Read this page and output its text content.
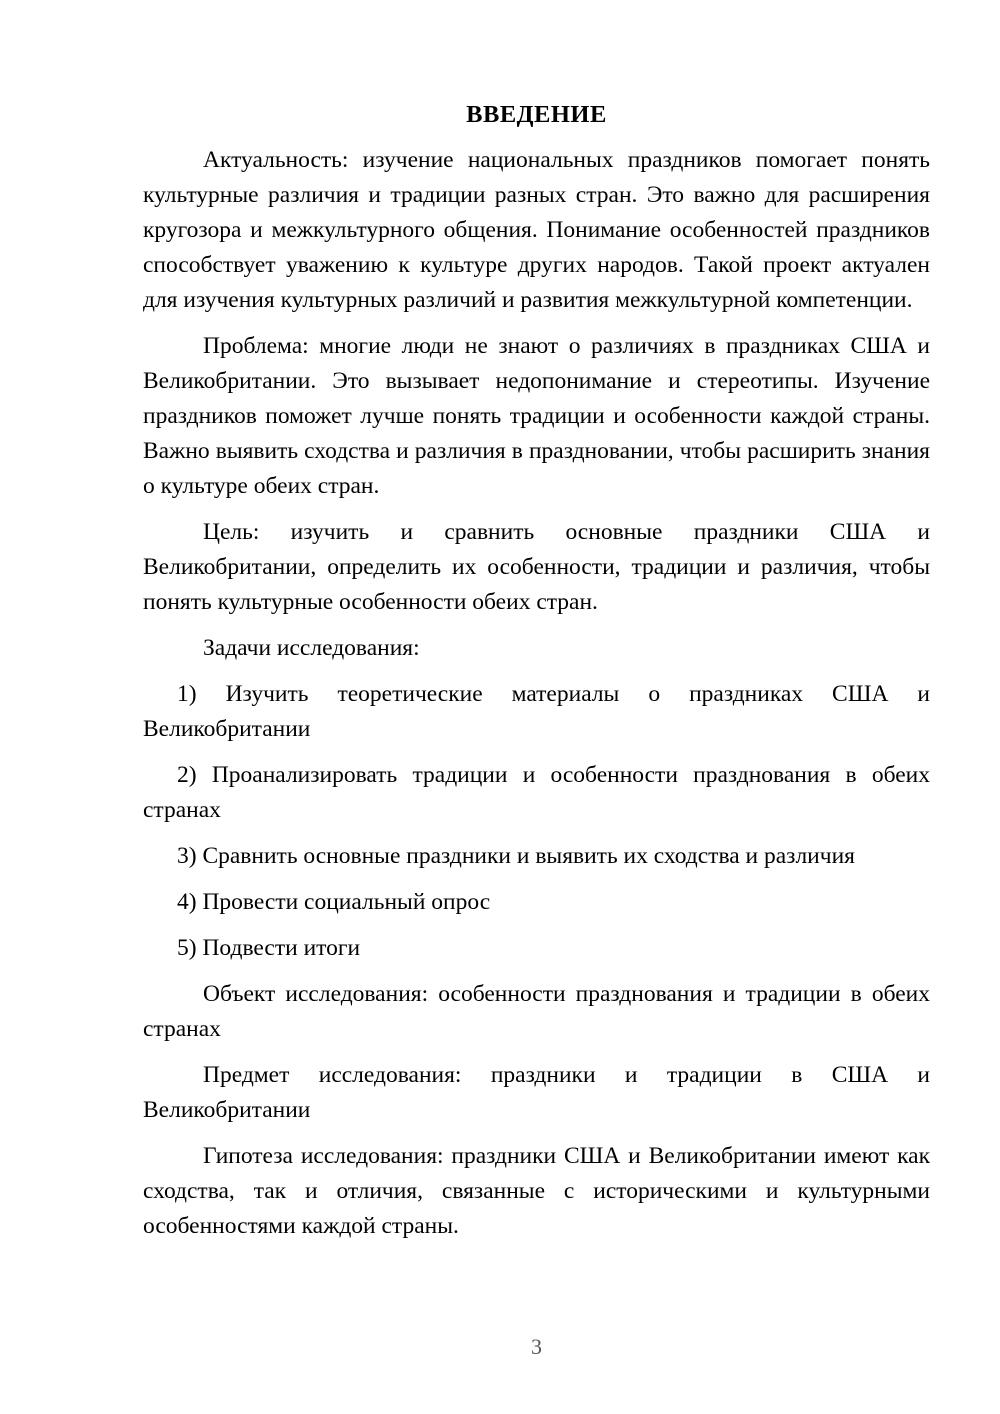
ВВЕДЕНИЕ

Актуальность: изучение национальных праздников помогает понять культурные различия и традиции разных стран. Это важно для расширения кругозора и межкультурного общения. Понимание особенностей праздников способствует уважению к культуре других народов. Такой проект актуален для изучения культурных различий и развития межкультурной компетенции.

Проблема: многие люди не знают о различиях в праздниках США и Великобритании. Это вызывает недопонимание и стереотипы. Изучение праздников поможет лучше понять традиции и особенности каждой страны. Важно выявить сходства и различия в праздновании, чтобы расширить знания о культуре обеих стран.

Цель: изучить и сравнить основные праздники США и Великобритании, определить их особенности, традиции и различия, чтобы понять культурные особенности обеих стран.

Задачи исследования:

1) Изучить теоретические материалы о праздниках США и Великобритании

2) Проанализировать традиции и особенности празднования в обеих странах

3) Сравнить основные праздники и выявить их сходства и различия

4) Провести социальный опрос

5) Подвести итоги

Объект исследования: особенности празднования и традиции в обеих странах

Предмет исследования: праздники и традиции в США и Великобритании

Гипотеза исследования: праздники США и Великобритании имеют как сходства, так и отличия, связанные с историческими и культурными особенностями каждой страны.

3
